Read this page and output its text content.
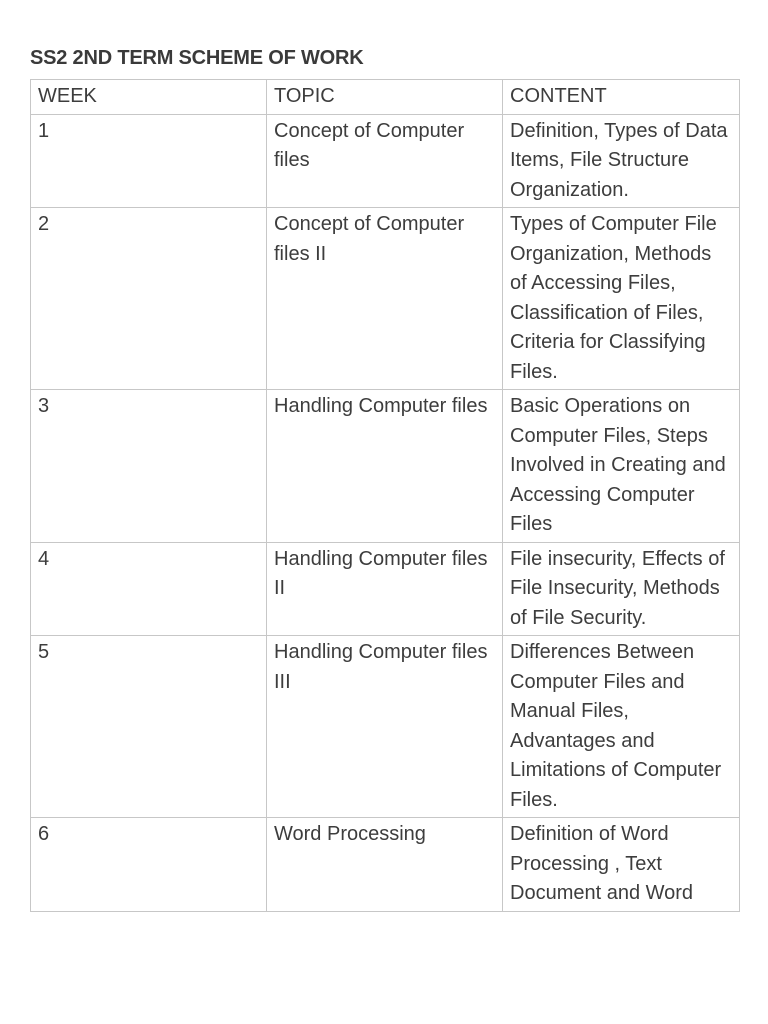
SS2 2ND TERM SCHEME OF WORK
WEEK	TOPIC	CONTENT
1	Concept of Computer files	Definition, Types of Data Items, File Structure Organization.
2	Concept of Computer files II	Types of Computer File Organization, Methods of Accessing Files, Classification of Files, Criteria for Classifying Files.
3	Handling Computer files	Basic Operations on Computer Files, Steps Involved in Creating and Accessing Computer Files
4	Handling Computer files II	File insecurity, Effects of File Insecurity, Methods of File Security.
5	Handling Computer files III	Differences Between Computer Files and Manual Files, Advantages and Limitations of Computer Files.
6	Word Processing	Definition of Word Processing , Text Document and Word
